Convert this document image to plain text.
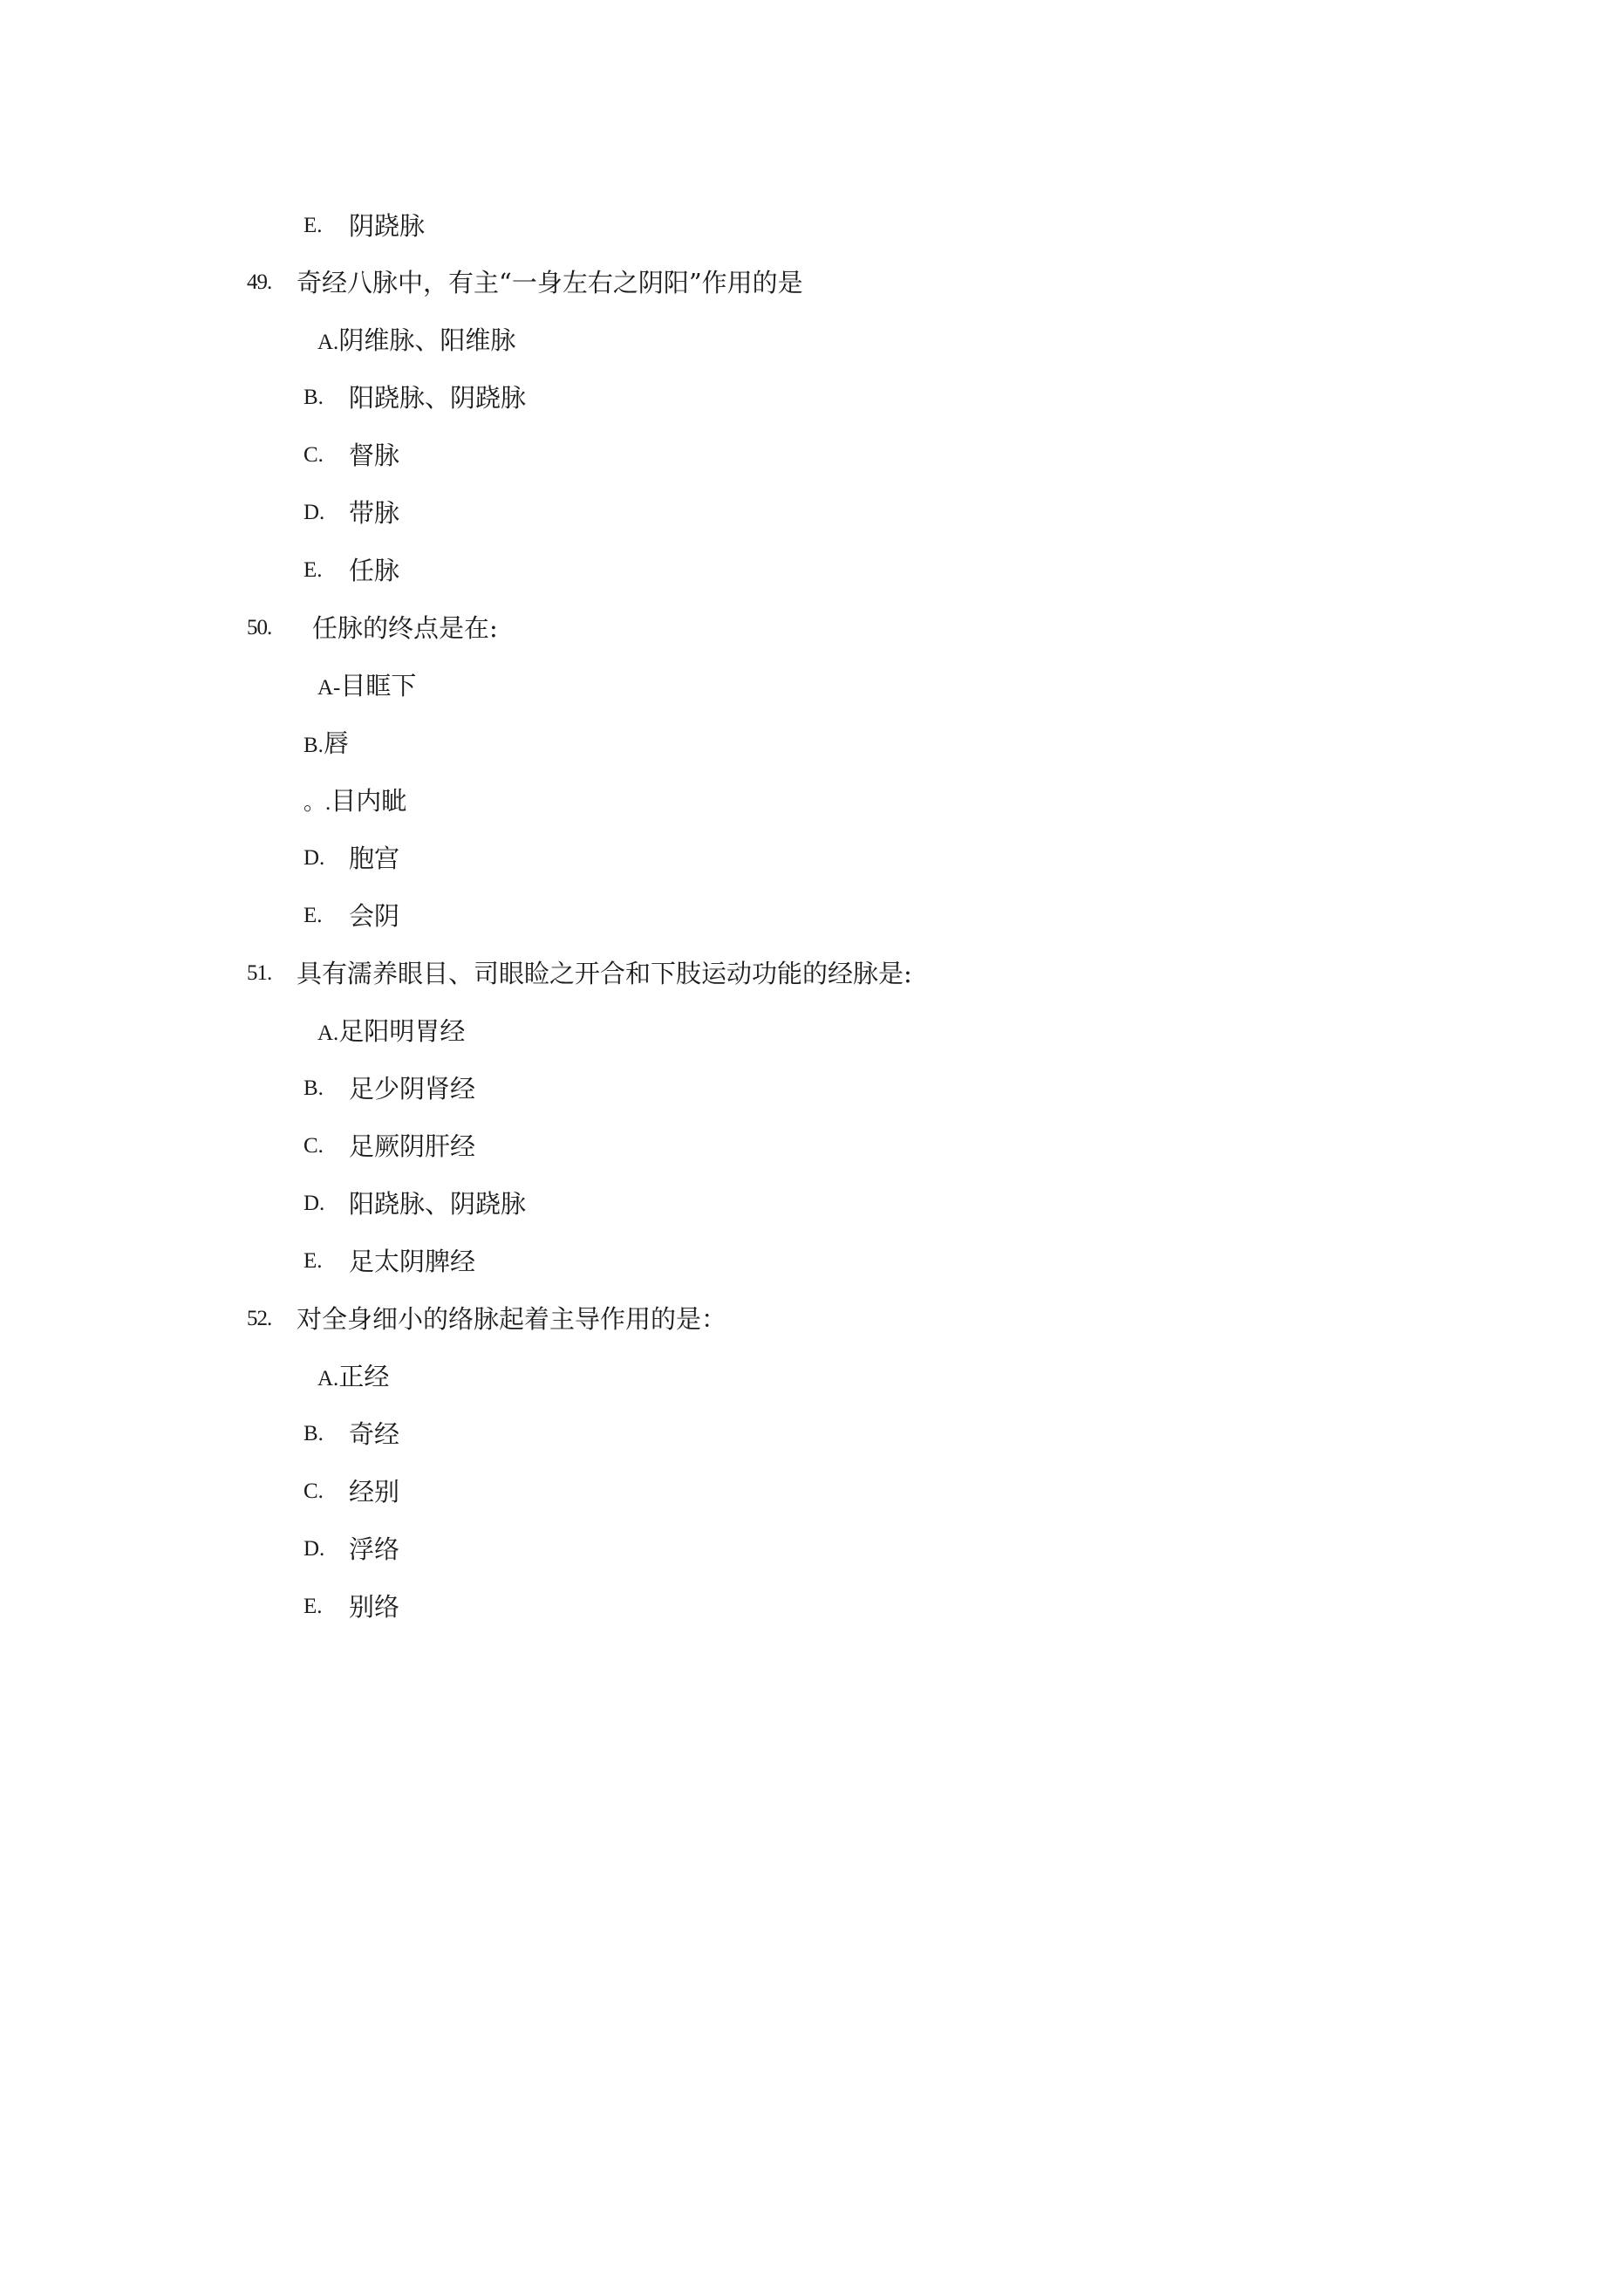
E. 阴跷脉
49. 奇经八脉中，有主“一身左右之阴阳”作用的是
A.阴维脉、阳维脉
B. 阳跷脉、阴跷脉
C. 督脉
D. 带脉
E. 任脉
50. 任脉的终点是在:
A-目眶下
B.唇
。.目内眦
D. 胞宫
E. 会阴
51. 具有濡养眼目、司眼睑之开合和下肢运动功能的经脉是:
A.足阳明胃经
B. 足少阴肾经
C. 足厥阴肝经
D. 阳跷脉、阴跷脉
E. 足太阴脾经
52. 对全身细小的络脉起着主导作用的是：
A.正经
B. 奇经
C. 经别
D. 浮络
E. 别络
